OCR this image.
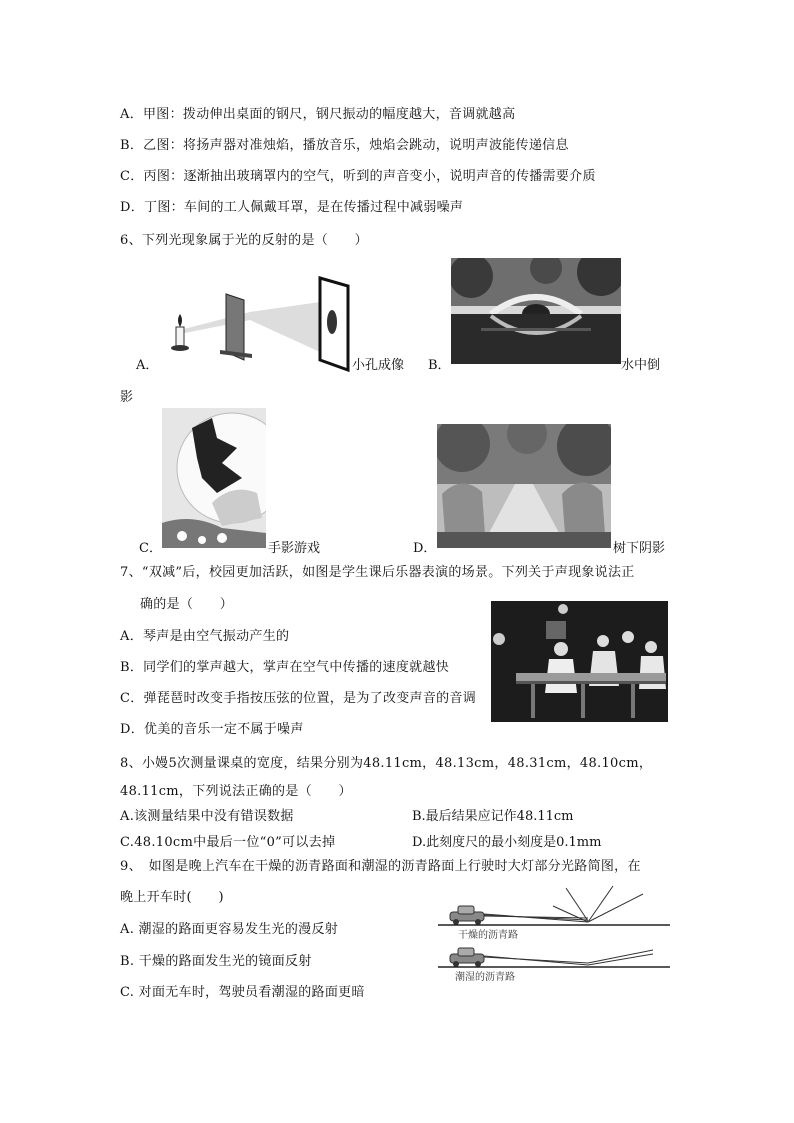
A．甲图：拨动伸出桌面的钢尺，钢尺振动的幅度越大，音调就越高
B．乙图：将扬声器对准烛焰，播放音乐，烛焰会跳动，说明声波能传递信息
C．丙图：逐渐抽出玻璃罩内的空气，听到的声音变小，说明声音的传播需要介质
D．丁图：车间的工人佩戴耳罩，是在传播过程中减弱噪声
6、下列光现象属于光的反射的是（　　）
A．	小孔成像 B．	水中倒
影
C．	手影游戏	D．	树下阴影
7、“双减”后，校园更加活跃，如图是学生课后乐器表演的场景。下列关于声现象说法正
确的是（　　）
A．琴声是由空气振动产生的
B．同学们的掌声越大，掌声在空气中传播的速度就越快
C．弹琵琶时改变手指按压弦的位置，是为了改变声音的音调
D．优美的音乐一定不属于噪声
8、小嫚5次测量课桌的宽度，结果分别为48.11cm，48.13cm，48.31cm，48.10cm，
48.11cm，下列说法正确的是（　　）
A.该测量结果中没有错误数据	B.最后结果应记作48.11cm
C.48.10cm中最后一位“0”可以去掉	D.此刻度尺的最小刻度是0.1mm
9、　如图是晚上汽车在干燥的沥青路面和潮湿的沥青路面上行驶时大灯部分光路简图，在
晚上开车时(　　)
A. 潮湿的路面更容易发生光的漫反射
B. 干燥的路面发生光的镜面反射
C. 对面无车时，驾驶员看潮湿的路面更暗
干燥的沥青路
潮湿的沥青路
